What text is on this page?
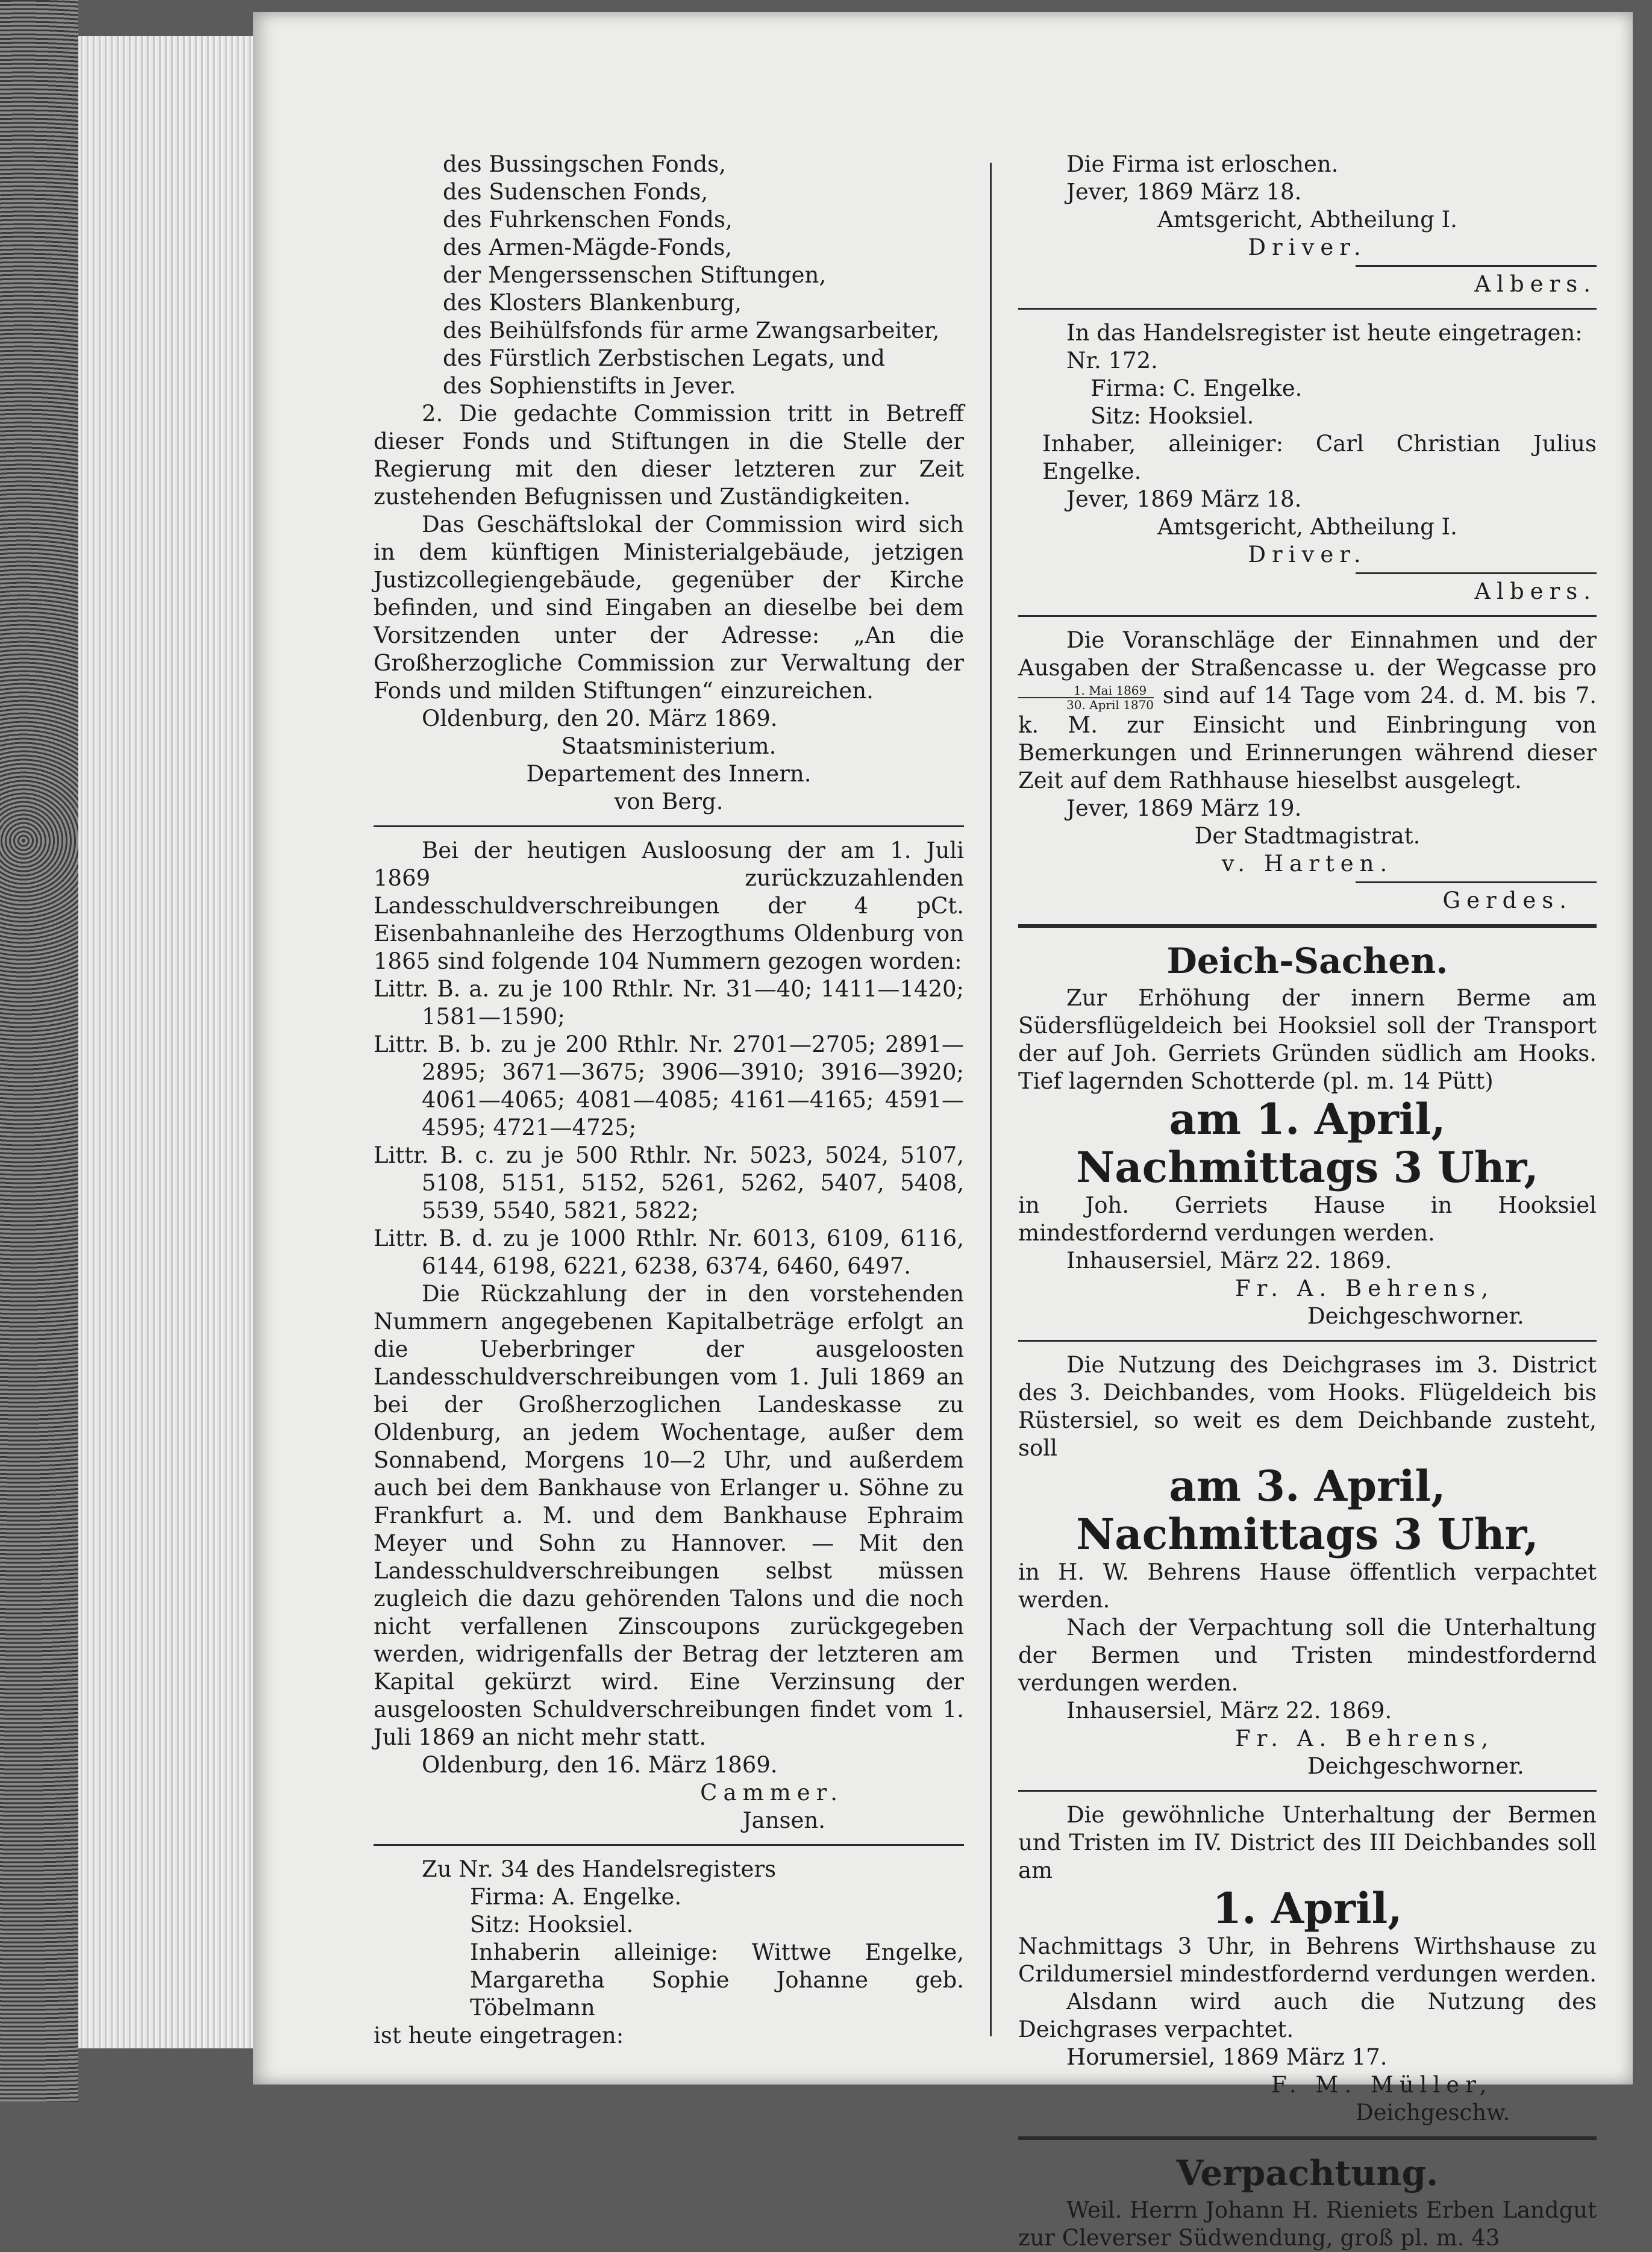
des Bussingschen Fonds,
des Sudenschen Fonds,
des Fuhrkenschen Fonds,
des Armen-Mägde-Fonds,
der Mengerssenschen Stiftungen,
des Klosters Blankenburg,
des Beihülfsfonds für arme Zwangsarbeiter,
des Fürstlich Zerbstischen Legats, und
des Sophienstifts in Jever.

2. Die gedachte Commission tritt in Betreff dieser Fonds und Stiftungen in die Stelle der Regierung mit den dieser letzteren zur Zeit zustehenden Befugnissen und Zuständigkeiten.

Das Geschäftslokal der Commission wird sich in dem künftigen Ministerialgebäude, jetzigen Justizcollegiengebäude, gegenüber der Kirche befinden, und sind Eingaben an dieselbe bei dem Vorsitzenden unter der Adresse: „An die Großherzogliche Commission zur Verwaltung der Fonds und milden Stiftungen“ einzureichen.

Oldenburg, den 20. März 1869.

Staatsministerium.
Departement des Innern.
von Berg.

Bei der heutigen Ausloosung der am 1. Juli 1869 zurückzuzahlenden Landesschuldverschreibungen der 4 pCt. Eisenbahnanleihe des Herzogthums Oldenburg von 1865 sind folgende 104 Nummern gezogen worden:

Littr. B. a. zu je 100 Rthlr. Nr. 31—40; 1411—1420; 1581—1590;

Littr. B. b. zu je 200 Rthlr. Nr. 2701—2705; 2891—2895; 3671—3675; 3906—3910; 3916—3920; 4061—4065; 4081—4085; 4161—4165; 4591—4595; 4721—4725;

Littr. B. c. zu je 500 Rthlr. Nr. 5023, 5024, 5107, 5108, 5151, 5152, 5261, 5262, 5407, 5408, 5539, 5540, 5821, 5822;

Littr. B. d. zu je 1000 Rthlr. Nr. 6013, 6109, 6116, 6144, 6198, 6221, 6238, 6374, 6460, 6497.

Die Rückzahlung der in den vorstehenden Nummern angegebenen Kapitalbeträge erfolgt an die Ueberbringer der ausgeloosten Landesschuldverschreibungen vom 1. Juli 1869 an bei der Großherzoglichen Landeskasse zu Oldenburg, an jedem Wochentage, außer dem Sonnabend, Morgens 10—2 Uhr, und außerdem auch bei dem Bankhause von Erlanger u. Söhne zu Frankfurt a. M. und dem Bankhause Ephraim Meyer und Sohn zu Hannover. — Mit den Landesschuldverschreibungen selbst müssen zugleich die dazu gehörenden Talons und die noch nicht verfallenen Zinscoupons zurückgegeben werden, widrigenfalls der Betrag der letzteren am Kapital gekürzt wird. Eine Verzinsung der ausgeloosten Schuldverschreibungen findet vom 1. Juli 1869 an nicht mehr statt.

Oldenburg, den 16. März 1869.

Cammer.
Jansen.

Zu Nr. 34 des Handelsregisters

Firma: A. Engelke.

Sitz: Hooksiel.

Inhaberin alleinige: Wittwe Engelke, Margaretha Sophie Johanne geb. Töbelmann

ist heute eingetragen:

Die Firma ist erloschen.

Jever, 1869 März 18.

Amtsgericht, Abtheilung I.
Driver.
Albers.

In das Handelsregister ist heute eingetragen:

Nr. 172.

Firma: C. Engelke.

Sitz: Hooksiel.

Inhaber, alleiniger: Carl Christian Julius Engelke.

Jever, 1869 März 18.

Amtsgericht, Abtheilung I.
Driver.
Albers.

Die Voranschläge der Einnahmen und der Ausgaben der Straßencasse u. der Wegcasse pro
$\frac{\text{1. Mai 1869}}{\text{30. April 1870}}$ sind auf 14 Tage vom 24. d. M. bis 7. k. M. zur Einsicht und Einbringung von Bemerkungen und Erinnerungen während dieser Zeit auf dem Rathhause hieselbst ausgelegt.

Jever, 1869 März 19.

Der Stadtmagistrat.
v. Harten.
Gerdes.
Deich-Sachen.

Zur Erhöhung der innern Berme am Südersflügeldeich bei Hooksiel soll der Transport der auf Joh. Gerriets Gründen südlich am Hooks. Tief lagernden Schotterde (pl. m. 14 Pütt)

am 1. April,
Nachmittags 3 Uhr,

in Joh. Gerriets Hause in Hooksiel mindestfordernd verdungen werden.

Inhausersiel, März 22. 1869.

Fr. A. Behrens,
Deichgeschworner.

Die Nutzung des Deichgrases im 3. District des 3. Deichbandes, vom Hooks. Flügeldeich bis Rüstersiel, so weit es dem Deichbande zusteht, soll

am 3. April,
Nachmittags 3 Uhr,

in H. W. Behrens Hause öffentlich verpachtet werden.

Nach der Verpachtung soll die Unterhaltung der Bermen und Tristen mindestfordernd verdungen werden.

Inhausersiel, März 22. 1869.

Fr. A. Behrens,
Deichgeschworner.

Die gewöhnliche Unterhaltung der Bermen und Tristen im IV. District des III Deichbandes soll am

1. April,

Nachmittags 3 Uhr, in Behrens Wirthshause zu Crildumersiel mindestfordernd verdungen werden.

Alsdann wird auch die Nutzung des Deichgrases verpachtet.

Horumersiel, 1869 März 17.

F. M. Müller,
Deichgeschw.
Verpachtung.

Weil. Herrn Johann H. Rieniets Erben Landgut zur Cleverser Südwendung, groß pl. m. 43
